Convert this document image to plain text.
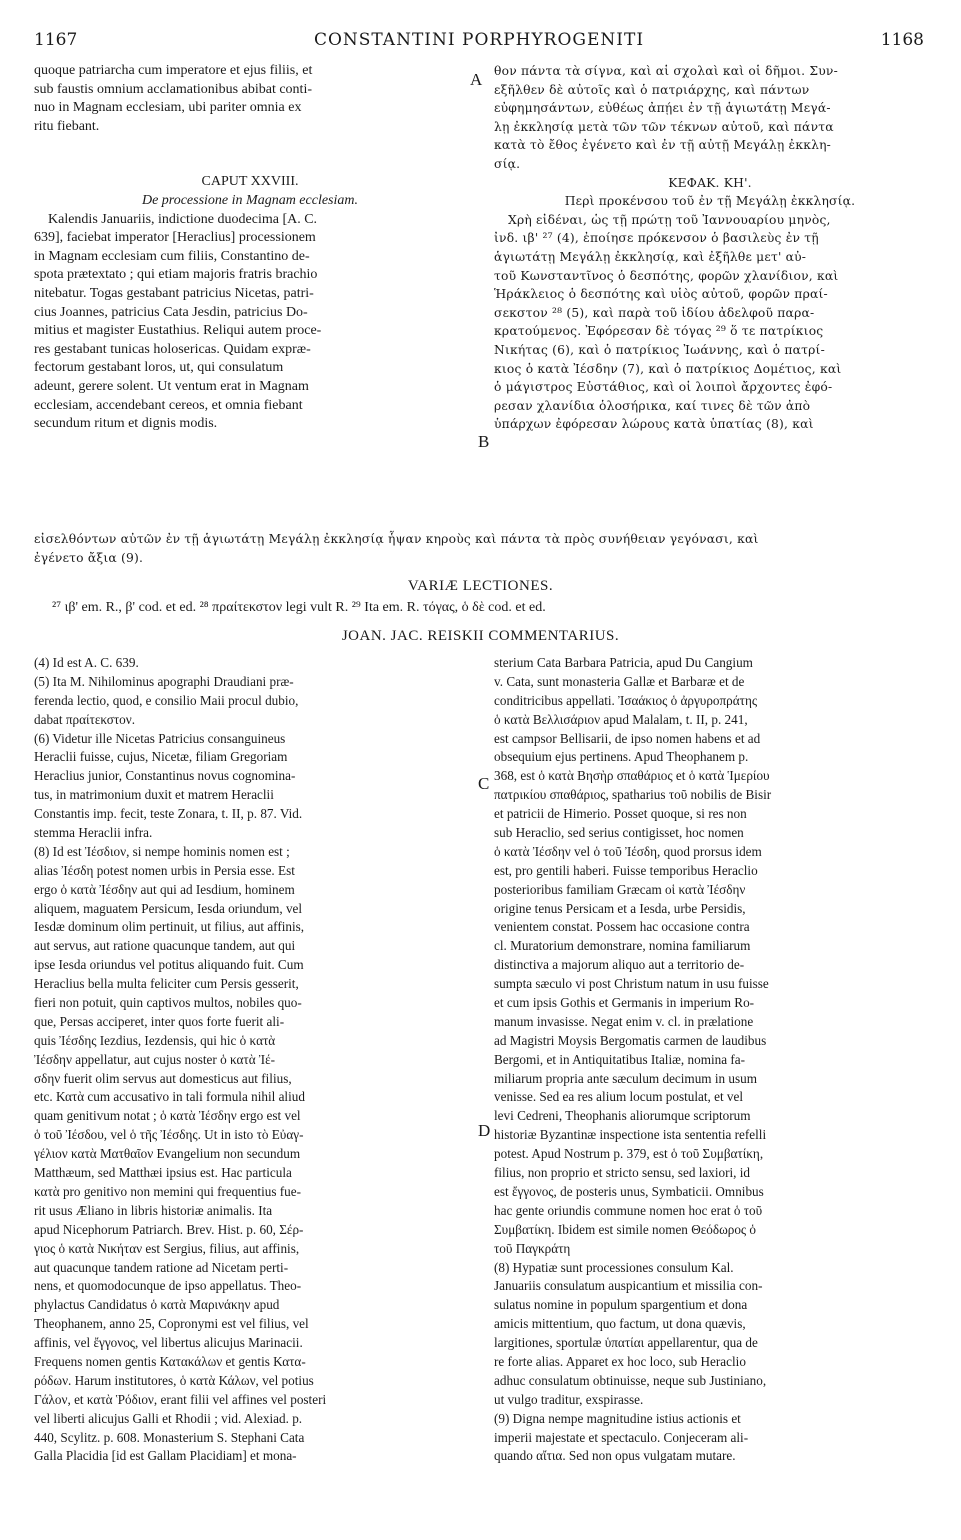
1167	CONSTANTINI PORPHYROGENITI	1168
quoque patriarcha cum imperatore et ejus filiis, et
sub faustis omnium acclamationibus abibat conti-
nuo in Magnam ecclesiam, ubi pariter omnia ex
ritu fiebant.
CAPUT XXVIII.
De processione in Magnam ecclesiam.
Kalendis Januariis, indictione duodecima [A. C.
639], faciebat imperator [Heraclius] processionem
in Magnam ecclesiam cum filiis, Constantino de-
spota prætextato ; qui etiam majoris fratris brachio
nitebatur. Togas gestabant patricius Nicetas, patri-
cius Joannes, patricius Cata Jesdin, patricius Do-
mitius et magister Eustathius. Reliqui autem proce-
res gestabant tunicas holosericas. Quidam expræ-
fectorum gestabant loros, ut, qui consulatum
adeunt, gerere solent. Ut ventum erat in Magnam
ecclesiam, accendebant cereos, et omnia fiebant
secundum ritum et dignis modis.
A
B
C
D
θον πάντα τὰ σίγνα, καὶ αἱ σχολαὶ καὶ οἱ δῆμοι. Συν-
εξῆλθεν δὲ αὐτοῖς καὶ ὁ πατριάρχης, καὶ πάντων
εὐφημησάντων, εὐθέως ἀπῄει ἐν τῇ ἁγιωτάτῃ Μεγά-
λῃ ἐκκλησίᾳ μετὰ τῶν τῶν τέκνων αὐτοῦ, καὶ πάντα
κατὰ τὸ ἔθος ἐγένετο καὶ ἐν τῇ αὐτῇ Μεγάλῃ ἐκκλη-
σίᾳ.
ΚΕΦΑΚ. ΚΗ'.
Περὶ προκένσου τοῦ ἐν τῇ Μεγάλῃ ἐκκλησίᾳ.
Χρὴ εἰδέναι, ὡς τῇ πρώτῃ τοῦ Ἰαννουαρίου μηνὸς,
ἰνδ. ιβ' ²⁷ (4), ἐποίησε πρόκενσον ὁ βασιλεὺς ἐν τῇ
ἁγιωτάτῃ Μεγάλῃ ἐκκλησίᾳ, καὶ ἐξῆλθε μετ' αὐ-
τοῦ Κωνσταντῖνος ὁ δεσπότης, φορῶν χλανίδιον, καὶ
Ἡράκλειος ὁ δεσπότης καὶ υἱὸς αὐτοῦ, φορῶν πραί-
σεκστον ²⁸ (5), καὶ παρὰ τοῦ ἰδίου ἀδελφοῦ παρα-
κρατούμενος. Ἐφόρεσαν δὲ τόγας ²⁹ ὅ τε πατρίκιος
Νικήτας (6), καὶ ὁ πατρίκιος Ἰωάννης, καὶ ὁ πατρί-
κιος ὁ κατὰ Ἰέσδην (7), καὶ ὁ πατρίκιος Δομέτιος, καὶ
ὁ μάγιστρος Εὐστάθιος, καὶ οἱ λοιποὶ ἄρχοντες ἐφό-
ρεσαν χλανίδια ὁλοσήρικα, καί τινες δὲ τῶν ἀπὸ
ὑπάρχων ἐφόρεσαν λώρους κατὰ ὑπατίας (8), καὶ
εἰσελθόντων αὐτῶν ἐν τῇ ἁγιωτάτῃ Μεγάλῃ ἐκκλησίᾳ ἧψαν κηροὺς καὶ πάντα τὰ πρὸς συνήθειαν γεγόνασι, καὶ
ἐγένετο ἄξια (9).
VARIÆ LECTIONES.
²⁷ ιβ' em. R., β' cod. et ed. ²⁸ πραίτεκστον legi vult R. ²⁹ Ita em. R. τόγας, ὁ δὲ cod. et ed.
JOAN. JAC. REISKII COMMENTARIUS.
(4) Id est A. C. 639.
(5) Ita M. Nihilominus apographi Draudiani præ-
ferenda lectio, quod, e consilio Maii procul dubio,
dabat πραίτεκστον.
(6) Videtur ille Nicetas Patricius consanguineus
Heraclii fuisse, cujus, Nicetæ, filiam Gregoriam
Heraclius junior, Constantinus novus cognomina-
tus, in matrimonium duxit et matrem Heraclii
Constantis imp. fecit, teste Zonara, t. II, p. 87. Vid.
stemma Heraclii infra.
(8) Id est Ἰέσδιον, si nempe hominis nomen est ;
alias Ἰέσδη potest nomen urbis in Persia esse. Est
ergo ὁ κατὰ Ἰέσδην aut qui ad Iesdium, hominem
aliquem, maguatem Persicum, Iesda oriundum, vel
Iesdæ dominum olim pertinuit, ut filius, aut affinis,
aut servus, aut ratione quacunque tandem, aut qui
ipse Iesda oriundus vel potitus aliquando fuit. Cum
Heraclius bella multa feliciter cum Persis gesserit,
fieri non potuit, quin captivos multos, nobiles quo-
que, Persas acciperet, inter quos forte fuerit ali-
quis Ἰέσδης Iezdius, Iezdensis, qui hic ὁ κατὰ
Ἰέσδην appellatur, aut cujus noster ὁ κατὰ Ἰέ-
σδην fuerit olim servus aut domesticus aut filius,
etc. Κατὰ cum accusativo in tali formula nihil aliud
quam genitivum notat ; ὁ κατὰ Ἰέσδην ergo est vel
ὁ τοῦ Ἰέσδου, vel ὁ τῆς Ἰέσδης. Ut in isto τὸ Εὐαγ-
γέλιον κατὰ Ματθαῖον Evangelium non secundum
Matthæum, sed Matthæi ipsius est. Hac particula
κατὰ pro genitivo non memini qui frequentius fue-
rit usus Æliano in libris historiæ animalis. Ita
apud Nicephorum Patriarch. Brev. Hist. p. 60, Σέρ-
γιος ὁ κατὰ Νικήταν est Sergius, filius, aut affinis,
aut quacunque tandem ratione ad Nicetam perti-
nens, et quomodocunque de ipso appellatus. Theo-
phylactus Candidatus ὁ κατὰ Μαρινάκην apud
Theophanem, anno 25, Copronymi est vel filius, vel
affinis, vel ἔγγονος, vel libertus alicujus Marinacii.
Frequens nomen gentis Κατακάλων et gentis Κατα-
ρόδων. Harum institutores, ὁ κατὰ Κάλων, vel potius
Γάλον, et κατὰ Ῥόδιον, erant filii vel affines vel posteri
vel liberti alicujus Galli et Rhodii ; vid. Alexiad. p.
440, Scylitz. p. 608. Monasterium S. Stephani Cata
Galla Placidia [id est Gallam Placidiam] et mona-
sterium Cata Barbara Patricia, apud Du Cangium
v. Cata, sunt monasteria Gallæ et Barbaræ et de
conditricibus appellati. Ἰσαάκιος ὁ ἀργυροπράτης
ὁ κατὰ Βελλισάριον apud Malalam, t. II, p. 241,
est campsor Bellisarii, de ipso nomen habens et ad
obsequium ejus pertinens. Apud Theophanem p.
368, est ὁ κατὰ Βησὴρ σπαθάριος et ὁ κατὰ Ἱμερίου
πατρικίου σπαθάριος, spatharius τοῦ nobilis de Bisir
et patricii de Himerio. Posset quoque, si res non
sub Heraclio, sed serius contigisset, hoc nomen
ὁ κατὰ Ἰέσδην vel ὁ τοῦ Ἰέσδη, quod prorsus idem
est, pro gentili haberi. Fuisse temporibus Heraclio
posterioribus familiam Græcam οἱ κατὰ Ἰέσδην
origine tenus Persicam et a Iesda, urbe Persidis,
venientem constat. Possem hac occasione contra
cl. Muratorium demonstrare, nomina familiarum
distinctiva a majorum aliquo aut a territorio de-
sumpta sæculo vi post Christum natum in usu fuisse
et cum ipsis Gothis et Germanis in imperium Ro-
manum invasisse. Negat enim v. cl. in prælatione
ad Magistri Moysis Bergomatis carmen de laudibus
Bergomi, et in Antiquitatibus Italiæ, nomina fa-
miliarum propria ante sæculum decimum in usum
venisse. Sed ea res alium locum postulat, et vel
levi Cedreni, Theophanis aliorumque scriptorum
historiæ Byzantinæ inspectione ista sententia refelli
potest. Apud Nostrum p. 379, est ὁ τοῦ Συμβατίκη,
filius, non proprio et stricto sensu, sed laxiori, id
est ἔγγονος, de posteris unus, Symbaticii. Omnibus
hac gente oriundis commune nomen hoc erat ὁ τοῦ
Συμβατίκη. Ibidem est simile nomen Θεόδωρος ὁ
τοῦ Παγκράτη
(8) Hypatiæ sunt processiones consulum Kal.
Januariis consulatum auspicantium et missilia con-
sulatus nomine in populum spargentium et dona
amicis mittentium, quo factum, ut dona quævis,
largitiones, sportulæ ὑπατίαι appellarentur, qua de
re forte alias. Apparet ex hoc loco, sub Heraclio
adhuc consulatum obtinuisse, neque sub Justiniano,
ut vulgo traditur, exspirasse.
(9) Digna nempe magnitudine istius actionis et
imperii majestate et spectaculo. Conjeceram ali-
quando αἴτια. Sed non opus vulgatam mutare.
